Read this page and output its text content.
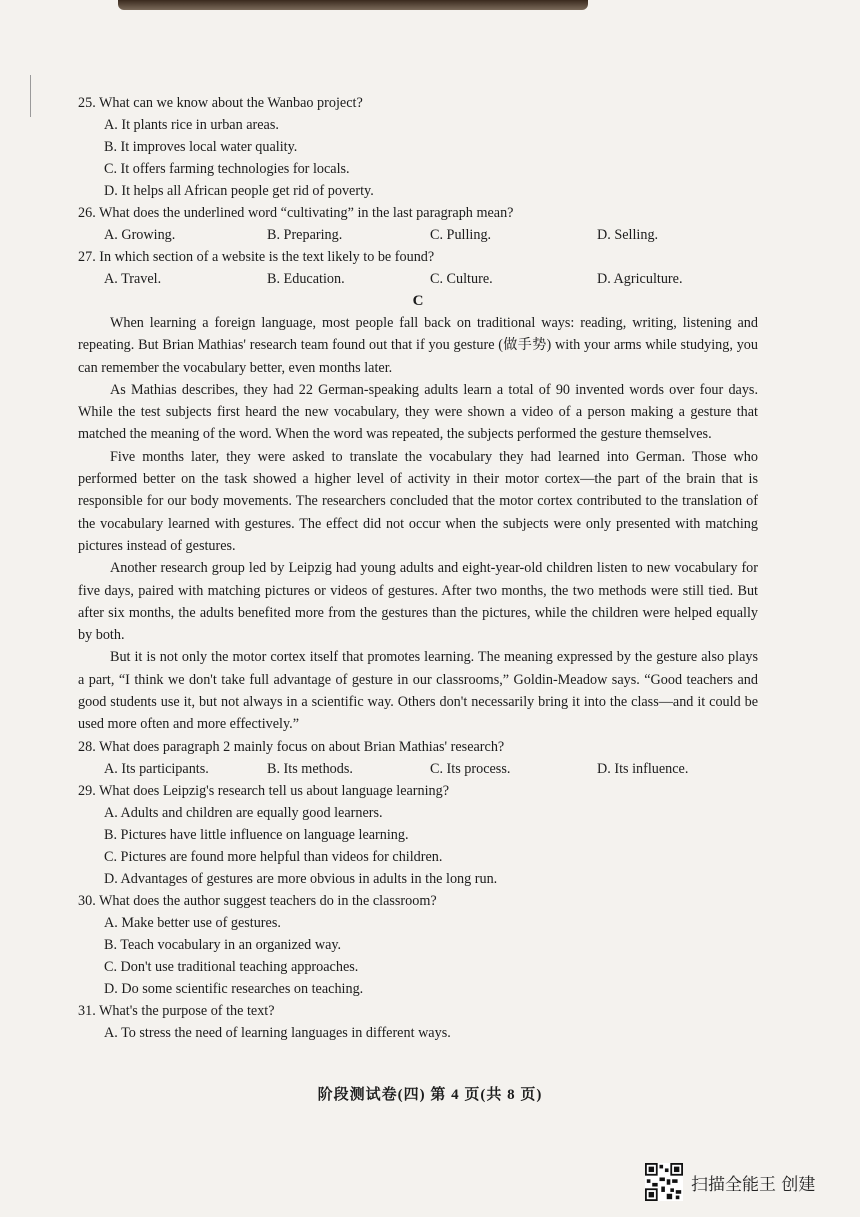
25. What can we know about the Wanbao project?

A. It plants rice in urban areas.

B. It improves local water quality.

C. It offers farming technologies for locals.

D. It helps all African people get rid of poverty.

26. What does the underlined word “cultivating” in the last paragraph mean?

A. Growing.	B. Preparing.	C. Pulling.	D. Selling.

27. In which section of a website is the text likely to be found?

A. Travel.	B. Education.	C. Culture.	D. Agriculture.

C

When learning a foreign language, most people fall back on traditional ways: reading, writing, listening and repeating. But Brian Mathias' research team found out that if you gesture (做手势) with your arms while studying, you can remember the vocabulary better, even months later.

As Mathias describes, they had 22 German-speaking adults learn a total of 90 invented words over four days. While the test subjects first heard the new vocabulary, they were shown a video of a person making a gesture that matched the meaning of the word. When the word was repeated, the subjects performed the gesture themselves.

Five months later, they were asked to translate the vocabulary they had learned into German. Those who performed better on the task showed a higher level of activity in their motor cortex—the part of the brain that is responsible for our body movements. The researchers concluded that the motor cortex contributed to the translation of the vocabulary learned with gestures. The effect did not occur when the subjects were only presented with matching pictures instead of gestures.

Another research group led by Leipzig had young adults and eight-year-old children listen to new vocabulary for five days, paired with matching pictures or videos of gestures. After two months, the two methods were still tied. But after six months, the adults benefited more from the gestures than the pictures, while the children were helped equally by both.

But it is not only the motor cortex itself that promotes learning. The meaning expressed by the gesture also plays a part, “I think we don't take full advantage of gesture in our classrooms,” Goldin-Meadow says. “Good teachers and good students use it, but not always in a scientific way. Others don't necessarily bring it into the class—and it could be used more often and more effectively.”

28. What does paragraph 2 mainly focus on about Brian Mathias' research?

A. Its participants.	B. Its methods.	C. Its process.	D. Its influence.

29. What does Leipzig's research tell us about language learning?

A. Adults and children are equally good learners.

B. Pictures have little influence on language learning.

C. Pictures are found more helpful than videos for children.

D. Advantages of gestures are more obvious in adults in the long run.

30. What does the author suggest teachers do in the classroom?

A. Make better use of gestures.

B. Teach vocabulary in an organized way.

C. Don't use traditional teaching approaches.

D. Do some scientific researches on teaching.

31. What's the purpose of the text?

A. To stress the need of learning languages in different ways.

阶段测试卷(四) 第 4 页(共 8 页)
扫描全能王 创建
